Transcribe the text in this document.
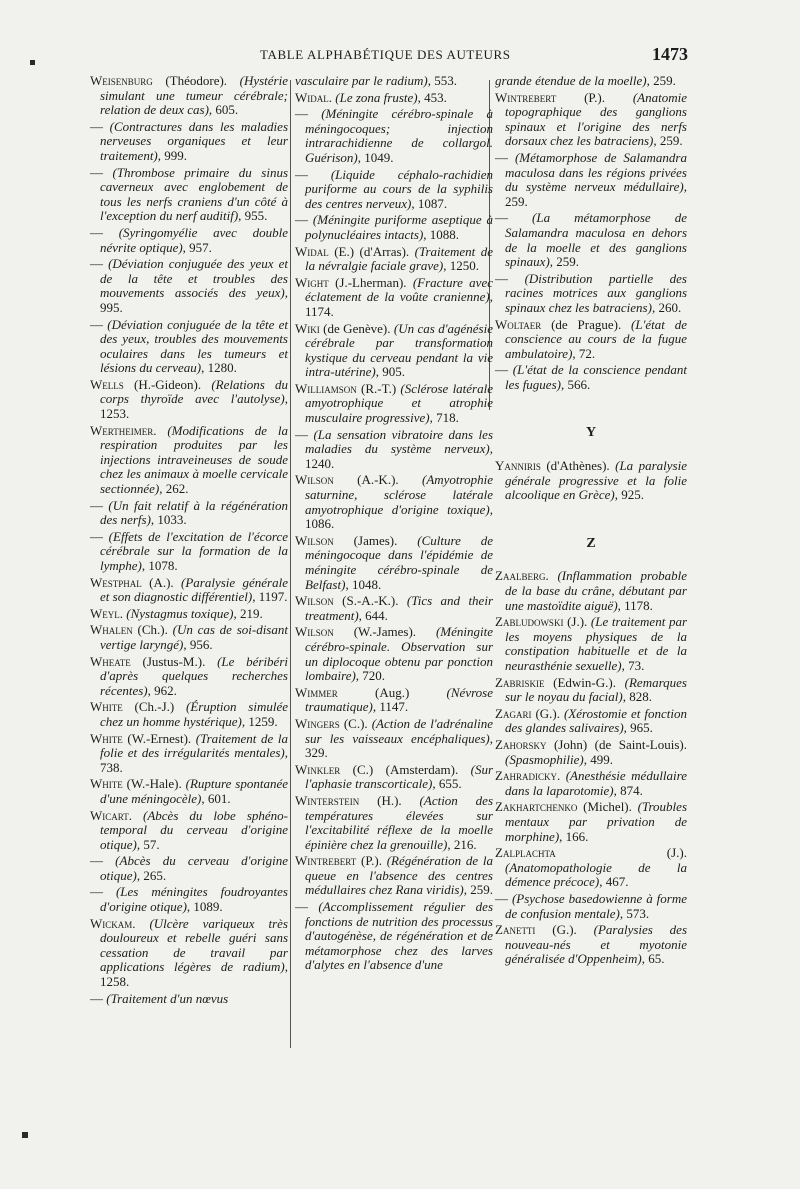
TABLE ALPHABÉTIQUE DES AUTEURS	1473

Weisenburg (Théodore). (Hystérie simulant une tumeur cérébrale; relation de deux cas), 605.

— (Contractures dans les maladies nerveuses organiques et leur traitement), 999.

— (Thrombose primaire du sinus caverneux avec englobement de tous les nerfs craniens d'un côté à l'exception du nerf auditif), 955.

— (Syringomyélie avec double névrite optique), 957.

— (Déviation conjuguée des yeux et de la tête et troubles des mouvements associés des yeux), 995.

— (Déviation conjuguée de la tête et des yeux, troubles des mouvements oculaires dans les tumeurs et lésions du cerveau), 1280.

Wells (H.-Gideon). (Relations du corps thyroïde avec l'autolyse), 1253.

Wertheimer. (Modifications de la respiration produites par les injections intraveineuses de soude chez les animaux à moelle cervicale sectionnée), 262.

— (Un fait relatif à la régénération des nerfs), 1033.

— (Effets de l'excitation de l'écorce cérébrale sur la formation de la lymphe), 1078.

Westphal (A.). (Paralysie générale et son diagnostic différentiel), 1197.

Weyl. (Nystagmus toxique), 219.

Whalen (Ch.). (Un cas de soi-disant vertige laryngé), 956.

Wheate (Justus-M.). (Le béribéri d'après quelques recherches récentes), 962.

White (Ch.-J.) (Éruption simulée chez un homme hystérique), 1259.

White (W.-Ernest). (Traitement de la folie et des irrégularités mentales), 738.

White (W.-Hale). (Rupture spontanée d'une méningocèle), 601.

Wicart. (Abcès du lobe sphéno-temporal du cerveau d'origine otique), 57.

— (Abcès du cerveau d'origine otique), 265.

— (Les méningites foudroyantes d'origine otique), 1089.

Wickam. (Ulcère variqueux très douloureux et rebelle guéri sans cessation de travail par applications légères de radium), 1258.

— (Traitement d'un nœvus

vasculaire par le radium), 553.

Widal. (Le zona fruste), 453.

— (Méningite cérébro-spinale à méningocoques; injection intrarachidienne de collargol. Guérison), 1049.

— (Liquide céphalo-rachidien puriforme au cours de la syphilis des centres nerveux), 1087.

— (Méningite puriforme aseptique à polynucléaires intacts), 1088.

Widal (E.) (d'Arras). (Traitement de la névralgie faciale grave), 1250.

Wight (J.-Lherman). (Fracture avec éclatement de la voûte cranienne), 1174.

Wiki (de Genève). (Un cas d'agénésie cérébrale par transformation kystique du cerveau pendant la vie intra-utérine), 905.

Williamson (R.-T.) (Sclérose latérale amyotrophique et atrophie musculaire progressive), 718.

— (La sensation vibratoire dans les maladies du système nerveux), 1240.

Wilson (A.-K.). (Amyotrophie saturnine, sclérose latérale amyotrophique d'origine toxique), 1086.

Wilson (James). (Culture de méningocoque dans l'épidémie de méningite cérébro-spinale de Belfast), 1048.

Wilson (S.-A.-K.). (Tics and their treatment), 644.

Wilson (W.-James). (Méningite cérébro-spinale. Observation sur un diplocoque obtenu par ponction lombaire), 720.

Wimmer (Aug.) (Névrose traumatique), 1147.

Wingers (C.). (Action de l'adrénaline sur les vaisseaux encéphaliques), 329.

Winkler (C.) (Amsterdam). (Sur l'aphasie transcorticale), 655.

Winterstein (H.). (Action des températures élevées sur l'excitabilité réflexe de la moelle épinière chez la grenouille), 216.

Wintrebert (P.). (Régénération de la queue en l'absence des centres médullaires chez Rana viridis), 259.

— (Accomplissement régulier des fonctions de nutrition des processus d'autogénèse, de régénération et de métamorphose chez des larves d'alytes en l'absence d'une

grande étendue de la moelle), 259.

Wintrebert (P.). (Anatomie topographique des ganglions spinaux et l'origine des nerfs dorsaux chez les batraciens), 259.

— (Métamorphose de Salamandra maculosa dans les régions privées du système nerveux médullaire), 259.

— (La métamorphose de Salamandra maculosa en dehors de la moelle et des ganglions spinaux), 259.

— (Distribution partielle des racines motrices aux ganglions spinaux chez les batraciens), 260.

Woltaer (de Prague). (L'état de conscience au cours de la fugue ambulatoire), 72.

— (L'état de la conscience pendant les fugues), 566.

Y

Yanniris (d'Athènes). (La paralysie générale progressive et la folie alcoolique en Grèce), 925.

Z

Zaalberg. (Inflammation probable de la base du crâne, débutant par une mastoïdite aiguë), 1178.

Zabludowski (J.). (Le traitement par les moyens physiques de la constipation habituelle et de la neurasthénie sexuelle), 73.

Zabriskie (Edwin-G.). (Remarques sur le noyau du facial), 828.

Zagari (G.). (Xérostomie et fonction des glandes salivaires), 965.

Zahorsky (John) (de Saint-Louis). (Spasmophilie), 499.

Zahradicky. (Anesthésie médullaire dans la laparotomie), 874.

Zakhartchenko (Michel). (Troubles mentaux par privation de morphine), 166.

Zalplachta (J.). (Anatomopathologie de la démence précoce), 467.

— (Psychose basedowienne à forme de confusion mentale), 573.

Zanetti (G.). (Paralysies des nouveau-nés et myotonie généralisée d'Oppenheim), 65.
